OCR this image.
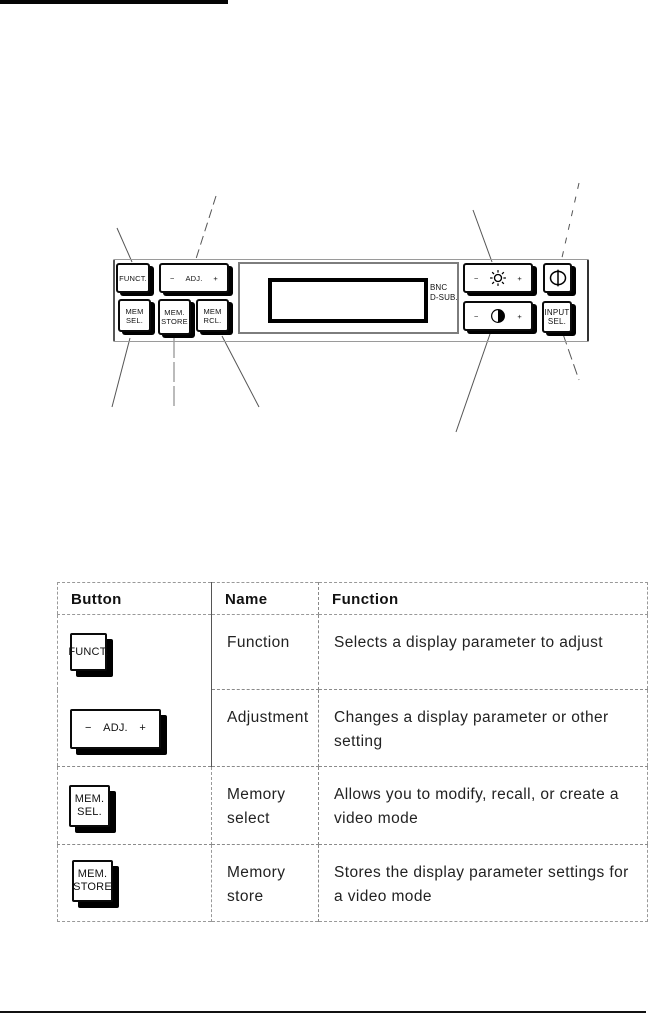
FUNCT.	− ADJ. +
MEM
SEL.
MEM.
STORE
MEM
RCL.
BNC
D-SUB.
−	+
−	+	INPUT
SEL.
Button	Name	Function

FUNCT.	Function	Selects a display parameter to adjust

− ADJ. +	Adjustment	Changes a display parameter or other setting

MEM.
SEL.	Memory select	Allows you to modify, recall, or create a video mode

MEM.
STORE	Memory store	Stores the display parameter settings for a video mode
